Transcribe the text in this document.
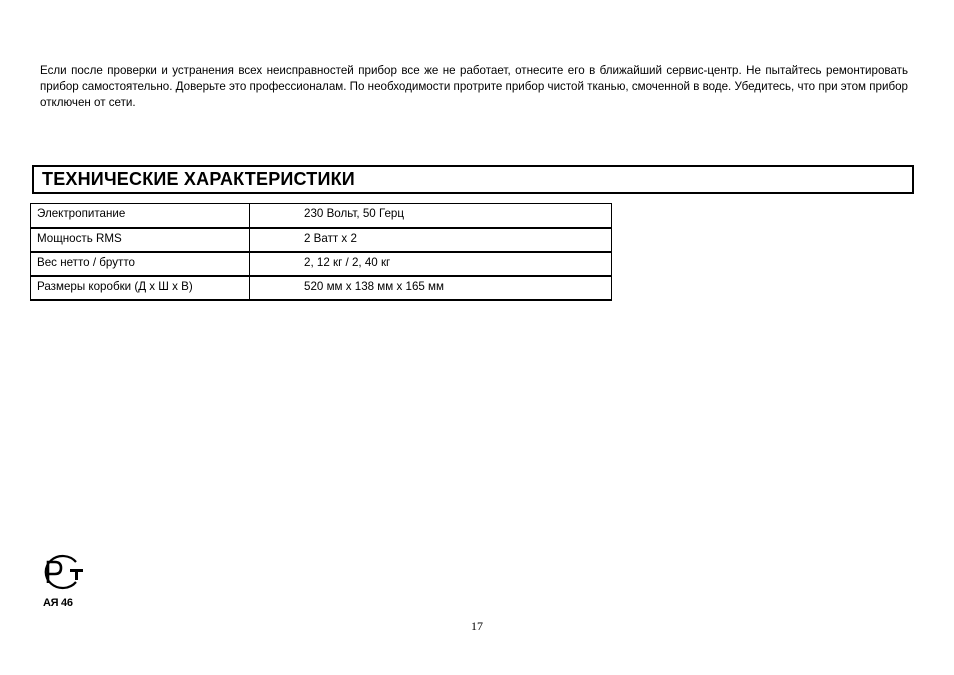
Если после проверки и устранения всех неисправностей прибор все же не работает, отнесите его в ближайший сервис-центр. Не пытайтесь ремонтировать прибор самостоятельно. Доверьте это профессионалам. По необходимости протрите прибор чистой тканью, смоченной в воде. Убедитесь, что при этом прибор отключен от сети.

ТЕХНИЧЕСКИЕ ХАРАКТЕРИСТИКИ
Электропитание	230 Вольт, 50 Герц
Мощность RMS	2 Ватт х 2
Вес нетто / брутто	2, 12 кг / 2, 40 кг
Размеры коробки (Д х Ш х В)	520 мм х 138 мм х 165 мм
АЯ 46
17
